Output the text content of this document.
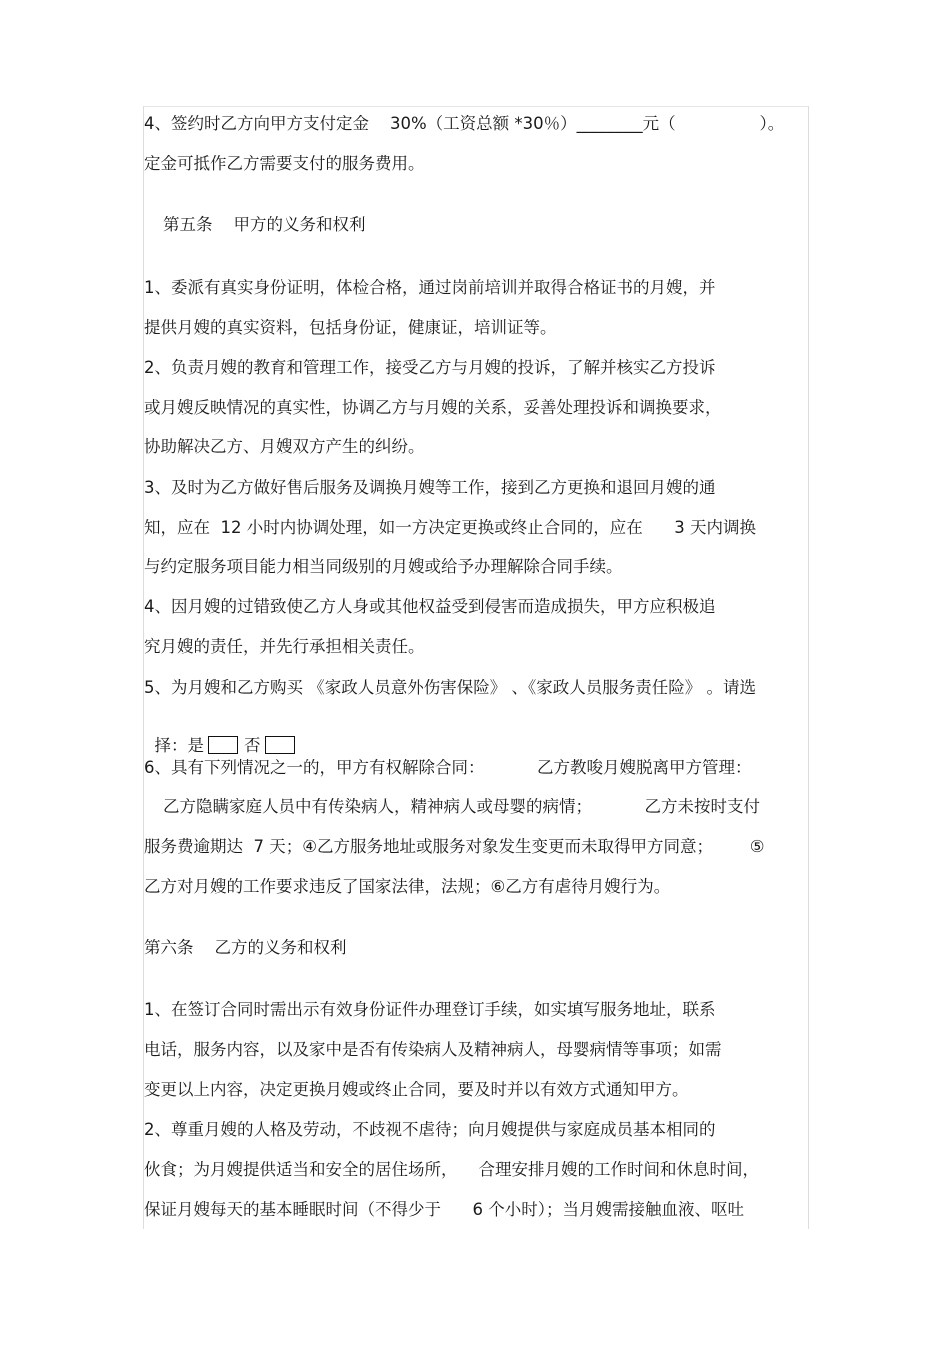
4、签约时乙方向甲方支付定金    30%（工资总额 *30％）________元（                ）。
定金可抵作乙方需要支付的服务费用。
第五条    甲方的义务和权利
1、委派有真实身份证明，体检合格，通过岗前培训并取得合格证书的月嫂，并
提供月嫂的真实资料，包括身份证，健康证，培训证等。
2、负责月嫂的教育和管理工作，接受乙方与月嫂的投诉，了解并核实乙方投诉
或月嫂反映情况的真实性，协调乙方与月嫂的关系，妥善处理投诉和调换要求，
协助解决乙方、月嫂双方产生的纠纷。
3、及时为乙方做好售后服务及调换月嫂等工作，接到乙方更换和退回月嫂的通
知，应在  12 小时内协调处理，如一方决定更换或终止合同的，应在      3 天内调换
与约定服务项目能力相当同级别的月嫂或给予办理解除合同手续。
4、因月嫂的过错致使乙方人身或其他权益受到侵害而造成损失，甲方应积极追
究月嫂的责任，并先行承担相关责任。
5、为月嫂和乙方购买 《家政人员意外伤害保险》 、《家政人员服务责任险》 。请选

择：是 否

6、具有下列情况之一的，甲方有权解除合同：          乙方教唆月嫂脱离甲方管理：
乙方隐瞒家庭人员中有传染病人，精神病人或母婴的病情；          乙方未按时支付
服务费逾期达  7 天；④乙方服务地址或服务对象发生变更而未取得甲方同意；       ⑤
乙方对月嫂的工作要求违反了国家法律，法规；⑥乙方有虐待月嫂行为。
第六条    乙方的义务和权利
1、在签订合同时需出示有效身份证件办理登订手续，如实填写服务地址，联系
电话，服务内容，以及家中是否有传染病人及精神病人，母婴病情等事项；如需
变更以上内容，决定更换月嫂或终止合同，要及时并以有效方式通知甲方。
2、尊重月嫂的人格及劳动，不歧视不虐待；向月嫂提供与家庭成员基本相同的
伙食；为月嫂提供适当和安全的居住场所，    合理安排月嫂的工作时间和休息时间，
保证月嫂每天的基本睡眠时间（不得少于      6 个小时）；当月嫂需接触血液、呕吐
